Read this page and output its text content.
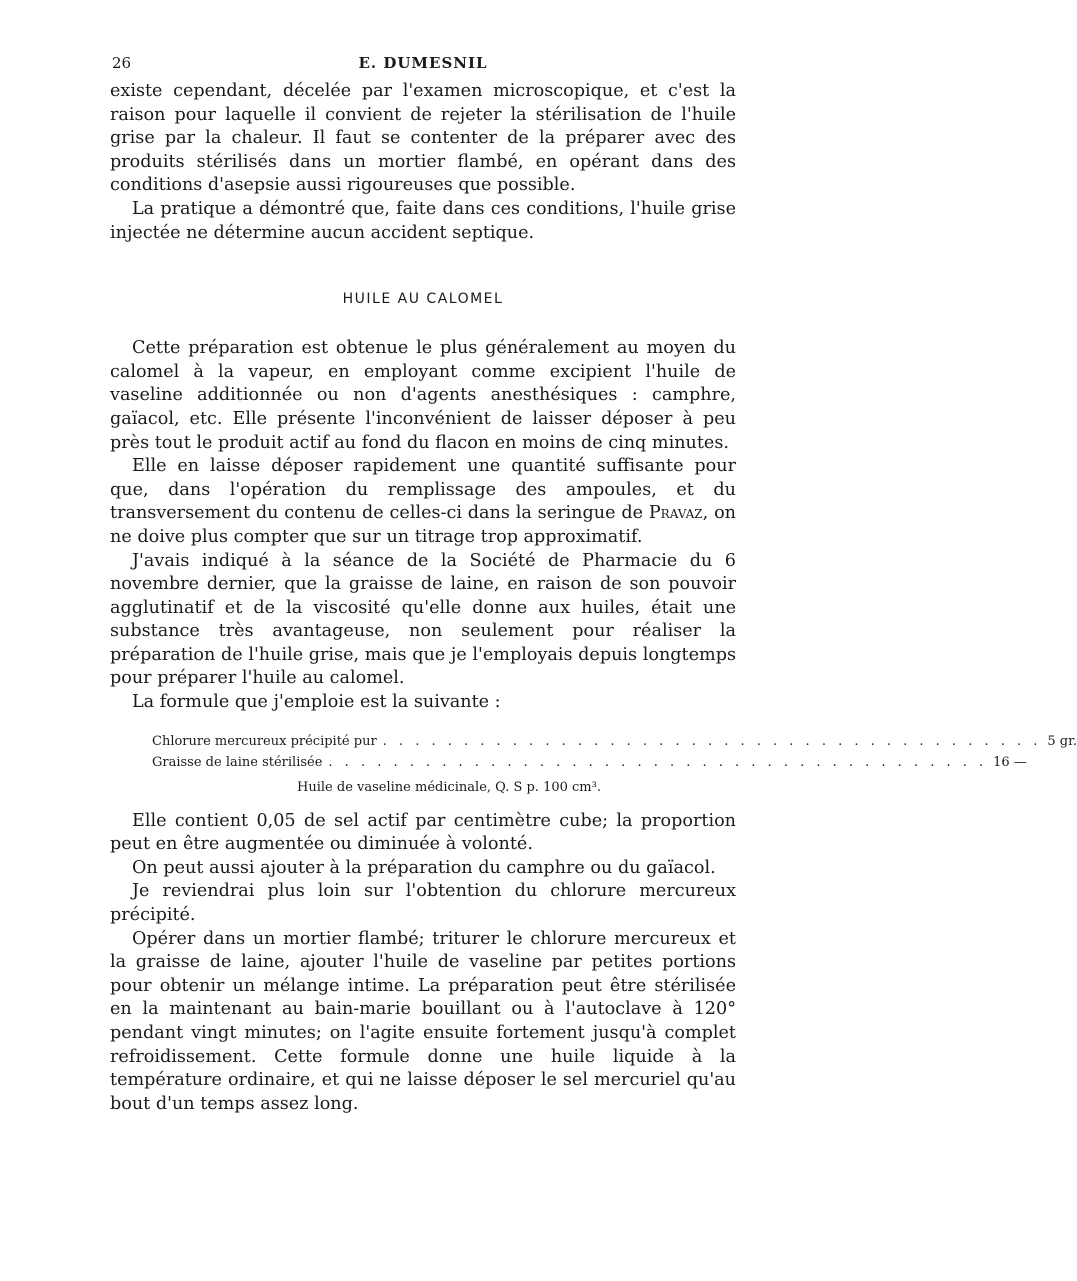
26	E. DUMESNIL

existe cependant, décelée par l'examen microscopique, et c'est la raison pour laquelle il convient de rejeter la stérilisation de l'huile grise par la chaleur. Il faut se contenter de la préparer avec des produits stérilisés dans un mortier flambé, en opérant dans des conditions d'asepsie aussi rigoureuses que possible.

La pratique a démontré que, faite dans ces conditions, l'huile grise injectée ne détermine aucun accident septique.

HUILE AU CALOMEL

Cette préparation est obtenue le plus généralement au moyen du calomel à la vapeur, en employant comme excipient l'huile de vaseline additionnée ou non d'agents anesthésiques : camphre, gaïacol, etc. Elle présente l'inconvénient de laisser déposer à peu près tout le produit actif au fond du flacon en moins de cinq minutes.

Elle en laisse déposer rapidement une quantité suffisante pour que, dans l'opération du remplissage des ampoules, et du transversement du contenu de celles-ci dans la seringue de Pravaz, on ne doive plus compter que sur un titrage trop approximatif.

J'avais indiqué à la séance de la Société de Pharmacie du 6 novembre dernier, que la graisse de laine, en raison de son pouvoir agglutinatif et de la viscosité qu'elle donne aux huiles, était une substance très avantageuse, non seulement pour réaliser la préparation de l'huile grise, mais que je l'employais depuis longtemps pour préparer l'huile au calomel.

La formule que j'emploie est la suivante :

Chlorure mercureux précipité pur . . . . . . . . . . . . . . . . . . . . . . . . . . . . . . . . . . . . . . . . . 5 gr.
Graisse de laine stérilisée . . . . . . . . . . . . . . . . . . . . . . . . . . . . . . . . . . . . . . . . . 16 —
Huile de vaseline médicinale, Q. S p. 100 cm³.

Elle contient 0,05 de sel actif par centimètre cube; la proportion peut en être augmentée ou diminuée à volonté.

On peut aussi ajouter à la préparation du camphre ou du gaïacol.

Je reviendrai plus loin sur l'obtention du chlorure mercureux précipité.

Opérer dans un mortier flambé; triturer le chlorure mercureux et la graisse de laine, ajouter l'huile de vaseline par petites portions pour obtenir un mélange intime. La préparation peut être stérilisée en la maintenant au bain-marie bouillant ou à l'autoclave à 120° pendant vingt minutes; on l'agite ensuite fortement jusqu'à complet refroidissement. Cette formule donne une huile liquide à la température ordinaire, et qui ne laisse déposer le sel mercuriel qu'au bout d'un temps assez long.
